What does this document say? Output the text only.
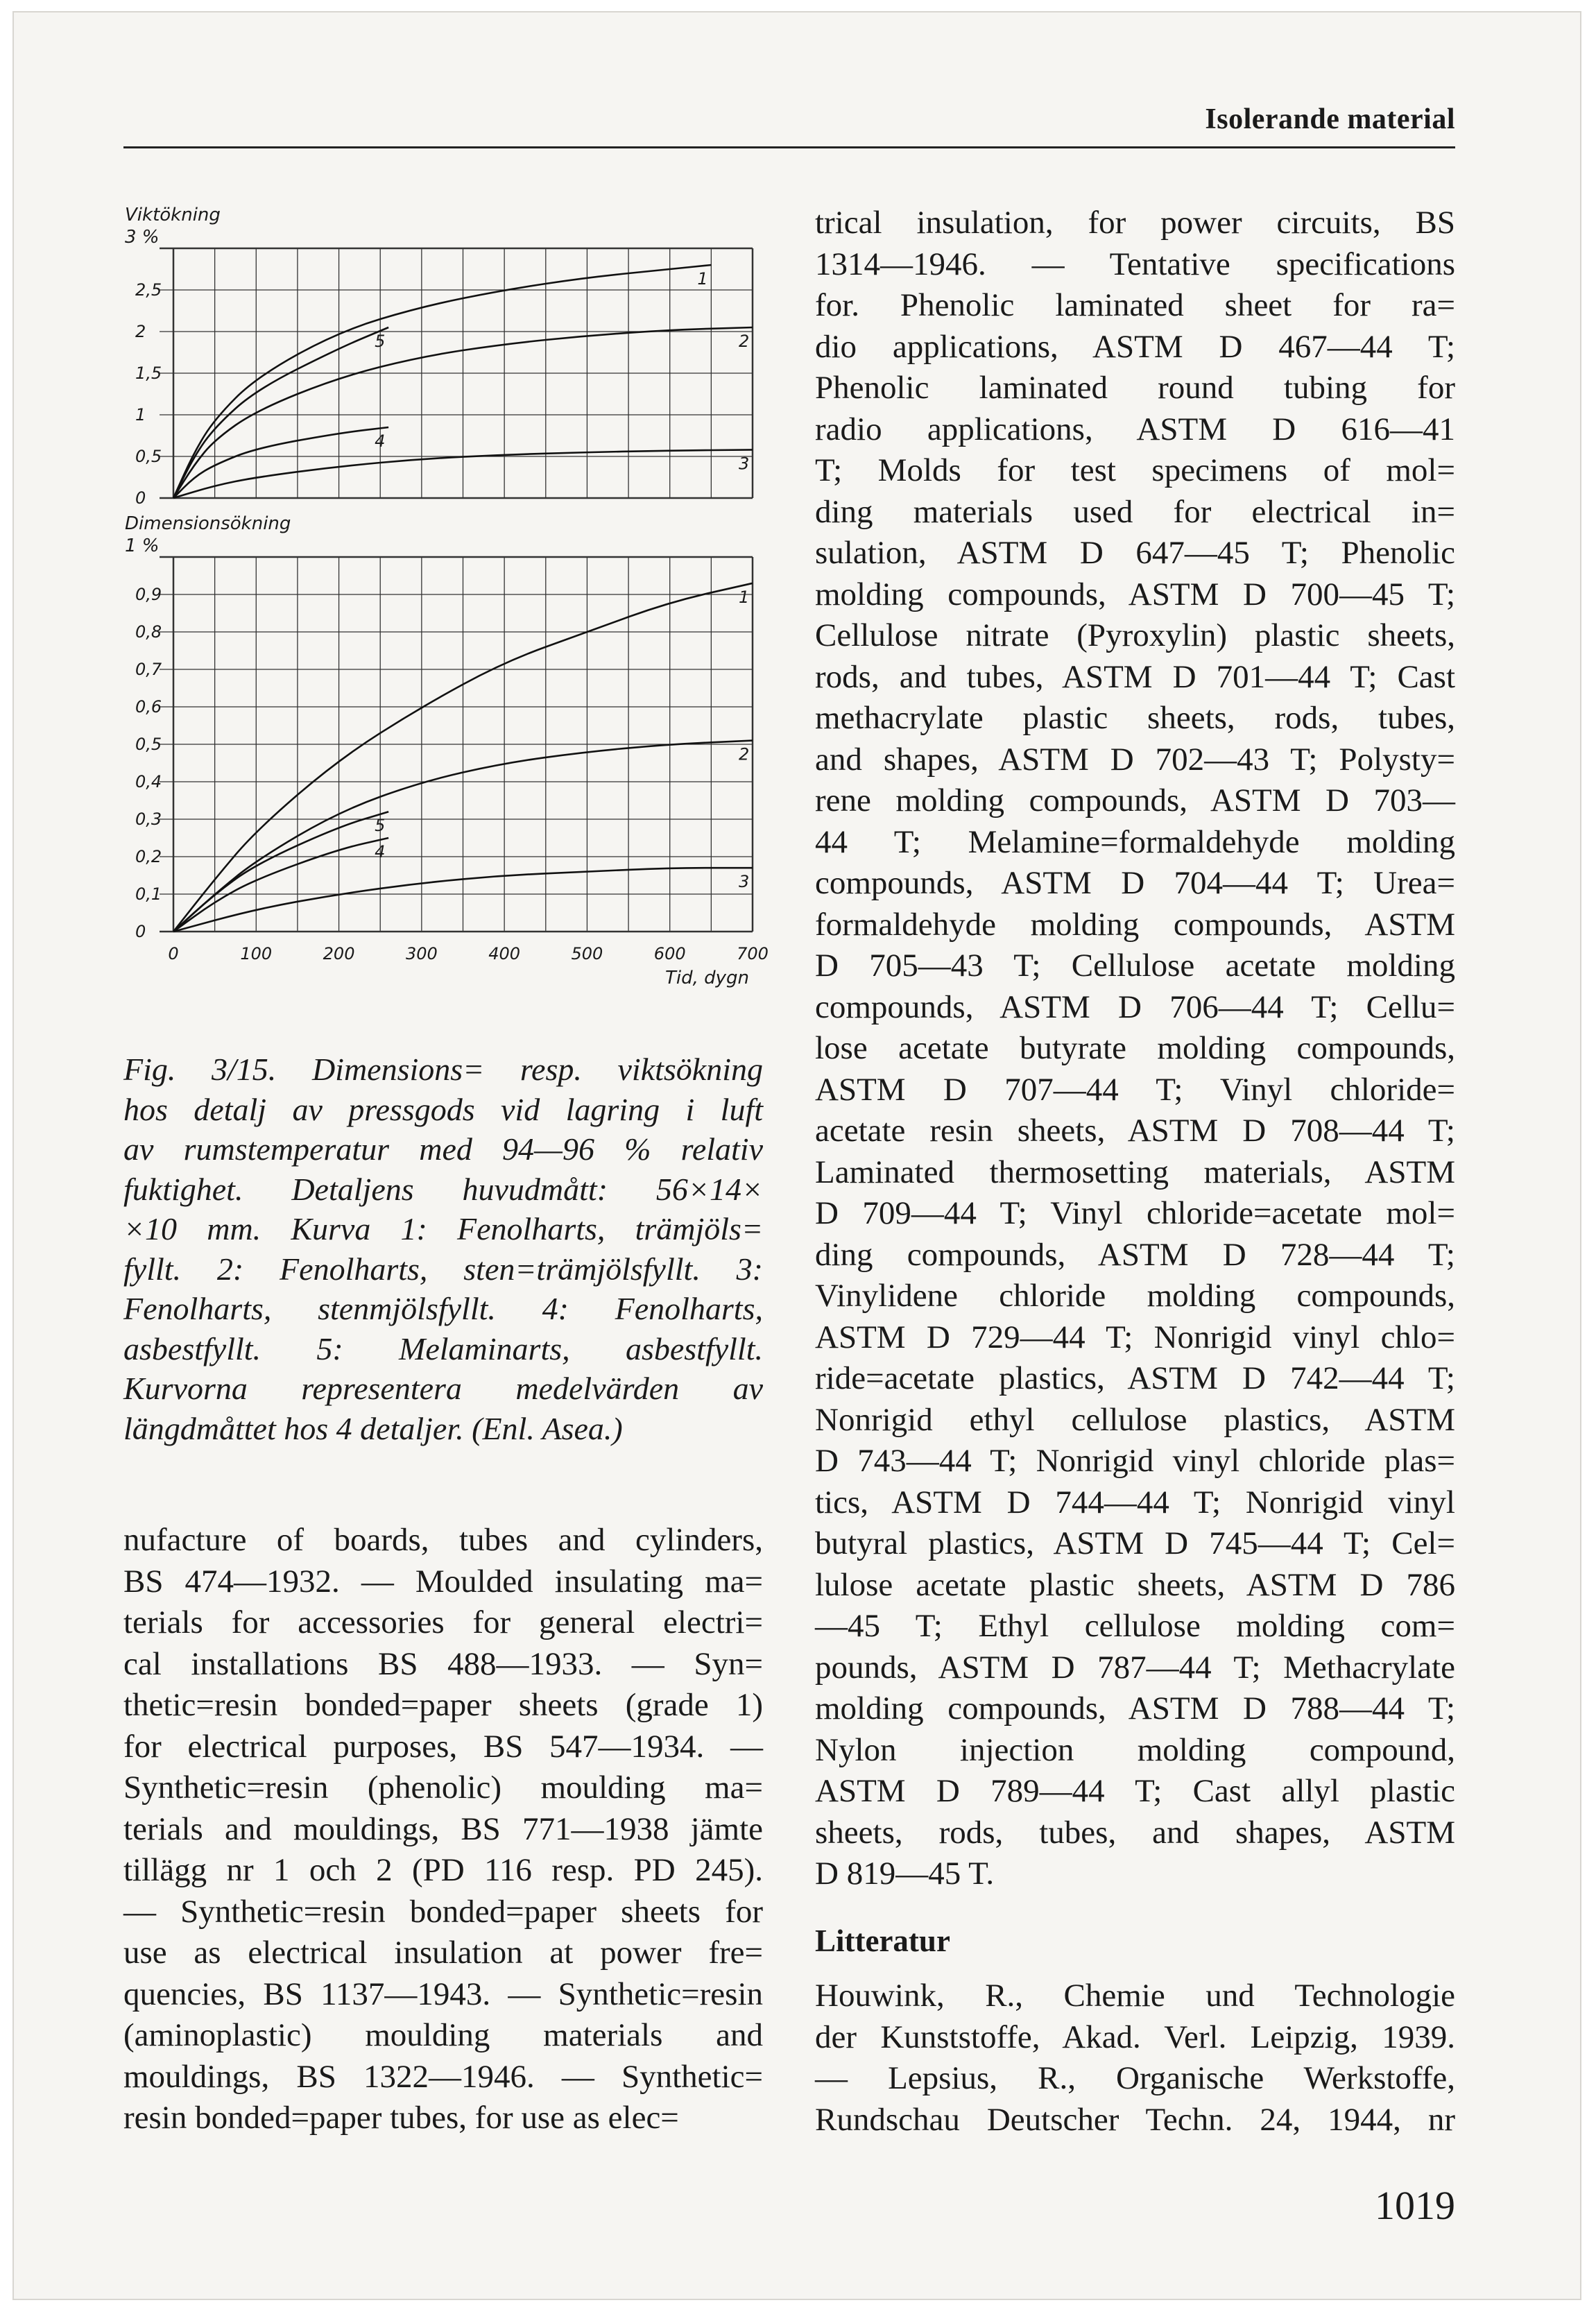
Isolerande material
Viktökning
3 %
0
0,5
1
1,5
2
2,5
1
5	2
4
3
Dimensionsökning
1 %
0
0,1
0,2
0,3
0,4
0,5
0,6
0,7
0,8
0,9
0	100	200	300	400	500	600	700
Tid, dygn
1
2
5
4
3

Fig. 3/15. Dimensions= resp. viktsökning

hos detalj av pressgods vid lagring i luft

av rumstemperatur med 94—96 % relativ

fuktighet. Detaljens huvudmått: 56×14×

×10 mm. Kurva 1: Fenolharts, trämjöls=

fyllt. 2: Fenolharts, sten=trämjölsfyllt. 3:

Fenolharts, stenmjölsfyllt. 4: Fenolharts,

asbestfyllt. 5: Melaminarts, asbestfyllt.

Kurvorna representera medelvärden av

längdmåttet hos 4 detaljer. (Enl. Asea.)

nufacture of boards, tubes and cylinders,

BS 474—1932. — Moulded insulating ma=

terials for accessories for general electri=

cal installations BS 488—1933. — Syn=

thetic=resin bonded=paper sheets (grade 1)

for electrical purposes, BS 547—1934. —

Synthetic=resin (phenolic) moulding ma=

terials and mouldings, BS 771—1938 jämte

tillägg nr 1 och 2 (PD 116 resp. PD 245).

— Synthetic=resin bonded=paper sheets for

use as electrical insulation at power fre=

quencies, BS 1137—1943. — Synthetic=resin

(aminoplastic) moulding materials and

mouldings, BS 1322—1946. — Synthetic=

resin bonded=paper tubes, for use as elec=

trical insulation, for power circuits, BS

1314—1946. — Tentative specifications

for. Phenolic laminated sheet for ra=

dio applications, ASTM D 467—44 T;

Phenolic laminated round tubing for

radio applications, ASTM D 616—41

T; Molds for test specimens of mol=

ding materials used for electrical in=

sulation, ASTM D 647—45 T; Phenolic

molding compounds, ASTM D 700—45 T;

Cellulose nitrate (Pyroxylin) plastic sheets,

rods, and tubes, ASTM D 701—44 T; Cast

methacrylate plastic sheets, rods, tubes,

and shapes, ASTM D 702—43 T; Polysty=

rene molding compounds, ASTM D 703—

44 T; Melamine=formaldehyde molding

compounds, ASTM D 704—44 T; Urea=

formaldehyde molding compounds, ASTM

D 705—43 T; Cellulose acetate molding

compounds, ASTM D 706—44 T; Cellu=

lose acetate butyrate molding compounds,

ASTM D 707—44 T; Vinyl chloride=

acetate resin sheets, ASTM D 708—44 T;

Laminated thermosetting materials, ASTM

D 709—44 T; Vinyl chloride=acetate mol=

ding compounds, ASTM D 728—44 T;

Vinylidene chloride molding compounds,

ASTM D 729—44 T; Nonrigid vinyl chlo=

ride=acetate plastics, ASTM D 742—44 T;

Nonrigid ethyl cellulose plastics, ASTM

D 743—44 T; Nonrigid vinyl chloride plas=

tics, ASTM D 744—44 T; Nonrigid vinyl

butyral plastics, ASTM D 745—44 T; Cel=

lulose acetate plastic sheets, ASTM D 786

—45 T; Ethyl cellulose molding com=

pounds, ASTM D 787—44 T; Methacrylate

molding compounds, ASTM D 788—44 T;

Nylon injection molding compound,

ASTM D 789—44 T; Cast allyl plastic

sheets, rods, tubes, and shapes, ASTM

D 819—45 T.

Litteratur

Houwink, R., Chemie und Technologie

der Kunststoffe, Akad. Verl. Leipzig, 1939.

— Lepsius, R., Organische Werkstoffe,

Rundschau Deutscher Techn. 24, 1944, nr

1019
